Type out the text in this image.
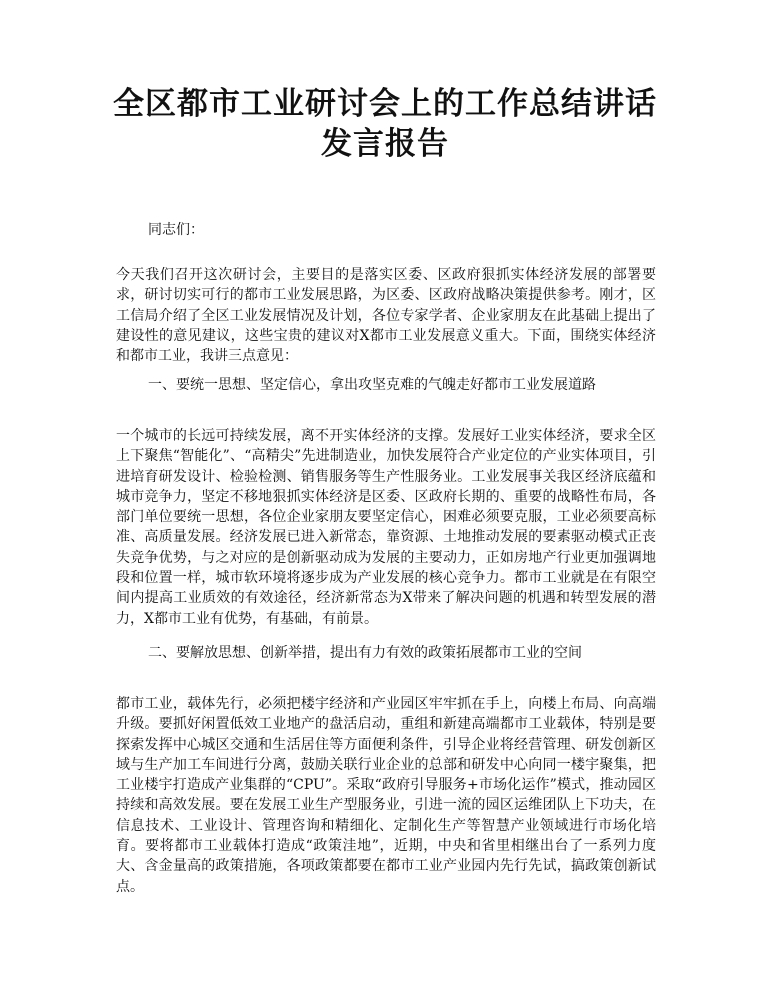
全区都市工业研讨会上的工作总结讲话
发言报告
同志们：

今天我们召开这次研讨会，主要目的是落实区委、区政府狠抓实体经济发展的部署要求，研讨切实可行的都市工业发展思路，为区委、区政府战略决策提供参考。刚才，区工信局介绍了全区工业发展情况及计划，各位专家学者、企业家朋友在此基础上提出了建设性的意见建议，这些宝贵的建议对X都市工业发展意义重大。下面，围绕实体经济和都市工业，我讲三点意见：

一、要统一思想、坚定信心，拿出攻坚克难的气魄走好都市工业发展道路

一个城市的长远可持续发展，离不开实体经济的支撑。发展好工业实体经济，要求全区上下聚焦“智能化”、“高精尖”先进制造业，加快发展符合产业定位的产业实体项目，引进培育研发设计、检验检测、销售服务等生产性服务业。工业发展事关我区经济底蕴和城市竞争力，坚定不移地狠抓实体经济是区委、区政府长期的、重要的战略性布局，各部门单位要统一思想，各位企业家朋友要坚定信心，困难必须要克服，工业必须要高标准、高质量发展。经济发展已进入新常态，靠资源、土地推动发展的要素驱动模式正丧失竞争优势，与之对应的是创新驱动成为发展的主要动力，正如房地产行业更加强调地段和位置一样，城市软环境将逐步成为产业发展的核心竞争力。都市工业就是在有限空间内提高工业质效的有效途径，经济新常态为X带来了解决问题的机遇和转型发展的潜力，X都市工业有优势，有基础，有前景。

二、要解放思想、创新举措，提出有力有效的政策拓展都市工业的空间

都市工业，载体先行，必须把楼宇经济和产业园区牢牢抓在手上，向楼上布局、向高端升级。要抓好闲置低效工业地产的盘活启动，重组和新建高端都市工业载体，特别是要探索发挥中心城区交通和生活居住等方面便利条件，引导企业将经营管理、研发创新区域与生产加工车间进行分离，鼓励关联行业企业的总部和研发中心向同一楼宇聚集，把工业楼宇打造成产业集群的“CPU”。采取“政府引导服务+市场化运作”模式，推动园区持续和高效发展。要在发展工业生产型服务业，引进一流的园区运维团队上下功夫，在信息技术、工业设计、管理咨询和精细化、定制化生产等智慧产业领域进行市场化培育。要将都市工业载体打造成“政策洼地”，近期，中央和省里相继出台了一系列力度大、含金量高的政策措施，各项政策都要在都市工业产业园内先行先试，搞政策创新试点。
